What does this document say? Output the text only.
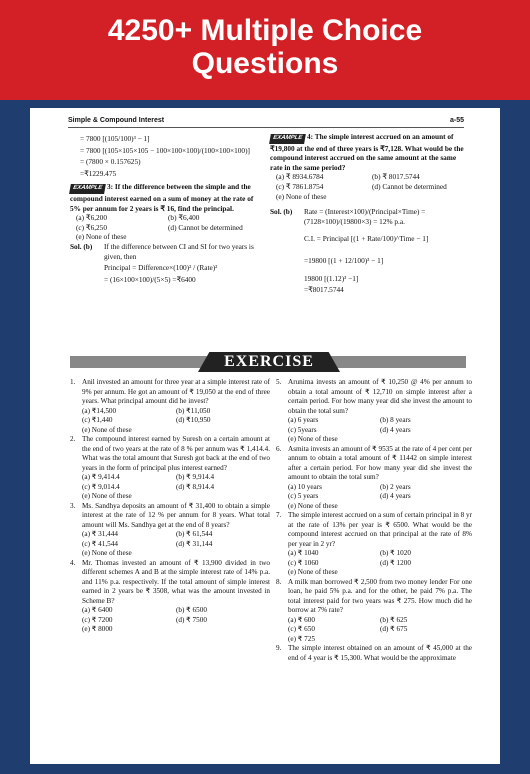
4250+ Multiple Choice
Questions
Simple & Compound Interest	a-55
= 7800 [(105/100)³ − 1]
= 7800 [(105×105×105 − 100×100×100)/(100×100×100)]
= (7800 × 0.157625)
=₹1229.475
EXAMPLE 3: If the difference between the simple and the compound interest earned on a sum of money at the rate of 5% per annum for 2 years is ₹ 16, find the principal.
(a) ₹6,200	(b) ₹6,400
(c) ₹6,250	(d) Cannot be determined
(e) None of these
Sol. (b)	If the difference between CI and SI for two years is given, then
Principal = Difference×(100)² / (Rate)²
= (16×100×100)/(5×5) =₹6400
EXAMPLE 4: The simple interest accrued on an amount of ₹19,800 at the end of three years is ₹7,128. What would be the compound interest accrued on the same amount at the same rate in the same period?
(a) ₹ 8934.6784	(b) ₹ 8017.5744
(c) ₹ 7861.8754	(d) Cannot be determined
(e) None of these
Sol. (b)	Rate = (Interest×100)/(Principal×Time) = (7128×100)/(19800×3) = 12% p.a.
C.I. = Principal [(1 + Rate/100)^Time − 1]
=19800 [(1 + 12/100)³ − 1]
19800 [(1.12)³ −1]
=₹8017.5744
EXERCISE
1. Anil invested an amount for three year at a simple interest rate of 9% per annum. He got an amount of ₹ 19,050 at the end of three years. What principal amount did he invest?
(a) ₹14,500	(b) ₹11,050
(c) ₹1,440	(d) ₹10,950
(e) None of these
2. The compound interest earned by Suresh on a certain amount at the end of two years at the rate of 8 % per annum was ₹ 1,414.4. What was the total amount that Suresh got back at the end of two years in the form of principal plus interest earned?
(a) ₹ 9,414.4	(b) ₹ 9,914.4
(c) ₹ 9,014.4	(d) ₹ 8,914.4
(e) None of these
3. Ms. Sandhya deposits an amount of ₹ 31,400 to obtain a simple interest at the rate of 12 % per annum for 8 years. What total amount will Ms. Sandhya get at the end of 8 years?
(a) ₹ 31,444	(b) ₹ 61,544
(c) ₹ 41,544	(d) ₹ 31,144
(e) None of these
4. Mr. Thomas invested an amount of ₹ 13,900 divided in two different schemes A and B at the simple interest rate of 14% p.a. and 11% p.a. respectively. If the total amount of simple interest earned in 2 years be ₹ 3508, what was the amount invested in Scheme B?
(a) ₹ 6400	(b) ₹ 6500
(c) ₹ 7200	(d) ₹ 7500
(e) ₹ 8000
5. Arunima invests an amount of ₹ 10,250 @ 4% per annum to obtain a total amount of ₹ 12,710 on simple interest after a certain period. For how many year did she invest the amount to obtain the total sum?
(a) 6 years	(b) 8 years
(c) 5years	(d) 4 years
(e) None of these
6. Asmita invests an amount of ₹ 9535 at the rate of 4 per cent per annum to obtain a total amount of ₹ 11442 on simple interest after a certain period. For how many year did she invest the amount to obtain the total sum?
(a) 10 years	(b) 2 years
(c) 5 years	(d) 4 years
(e) None of these
7. The simple interest accrued on a sum of certain principal in 8 yr at the rate of 13% per year is ₹ 6500. What would be the compound interest accrued on that principal at the rate of 8% per year in 2 yr?
(a) ₹ 1040	(b) ₹ 1020
(c) ₹ 1060	(d) ₹ 1200
(e) None of these
8. A milk man borrowed ₹ 2,500 from two money lender For one loan, he paid 5% p.a. and for the other, he paid 7% p.a. The total interest paid for two years was ₹ 275. How much did he borrow at 7% rate?
(a) ₹ 600	(b) ₹ 625
(c) ₹ 650	(d) ₹ 675
(e) ₹ 725
9. The simple interest obtained on an amount of ₹ 45,000 at the end of 4 year is ₹ 15,300. What would be the approximate
